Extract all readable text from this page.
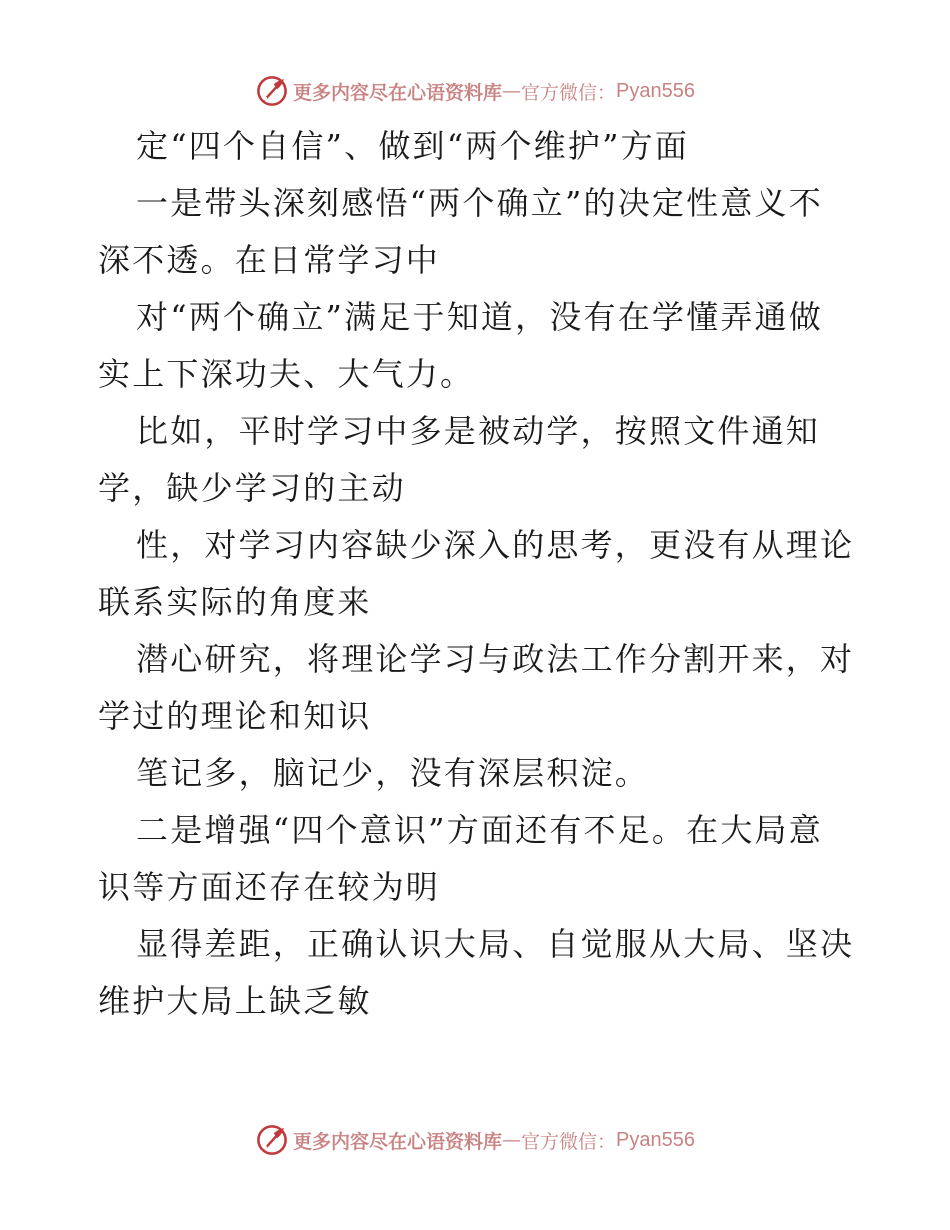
更多内容尽在心语资料库 — 官方微信： Pyan556
定“四个自信”、做到“两个维护”方面
一是带头深刻感悟“两个确立”的决定性意义不
深不透。在日常学习中
对“两个确立”满足于知道，没有在学懂弄通做
实上下深功夫、大气力。
比如，平时学习中多是被动学，按照文件通知
学，缺少学习的主动
性，对学习内容缺少深入的思考，更没有从理论
联系实际的角度来
潜心研究，将理论学习与政法工作分割开来，对
学过的理论和知识
笔记多，脑记少，没有深层积淀。
二是增强“四个意识”方面还有不足。在大局意
识等方面还存在较为明
显得差距，正确认识大局、自觉服从大局、坚决
维护大局上缺乏敏
更多内容尽在心语资料库 — 官方微信： Pyan556
